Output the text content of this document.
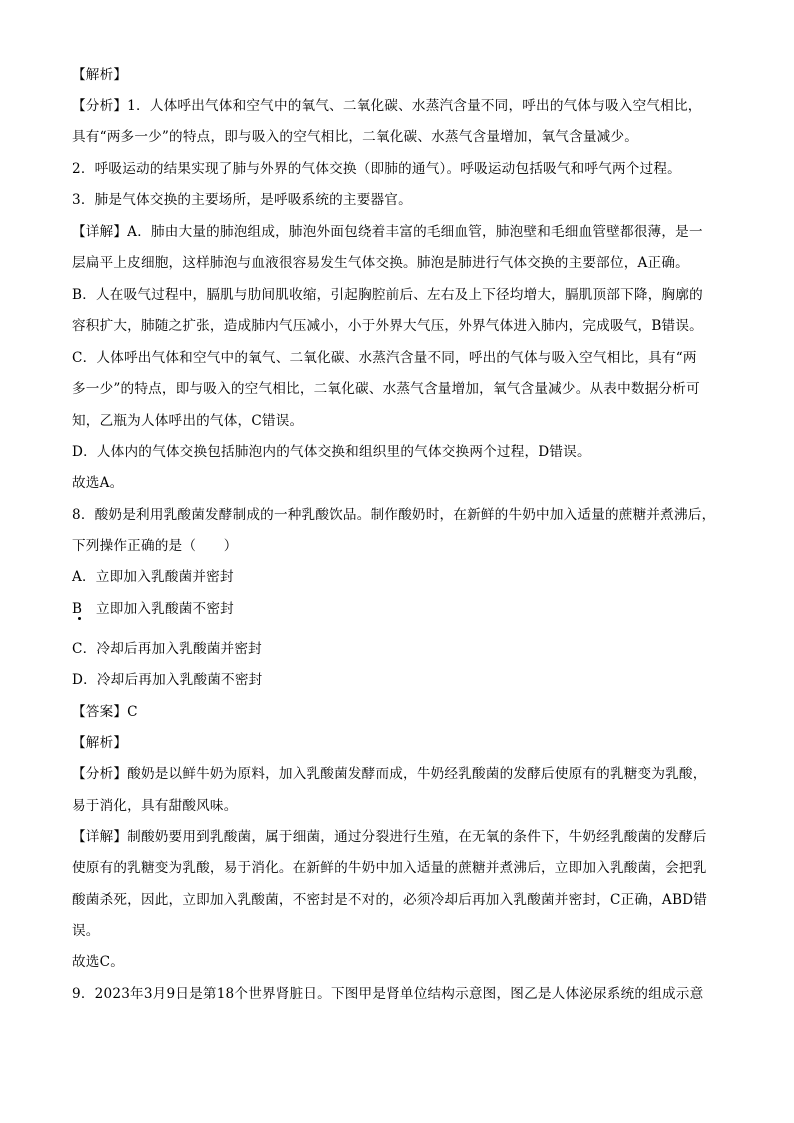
【解析】
【分析】1．人体呼出气体和空气中的氧气、二氧化碳、水蒸汽含量不同，呼出的气体与吸入空气相比，
具有“两多一少”的特点，即与吸入的空气相比，二氧化碳、水蒸气含量增加，氧气含量减少。
2．呼吸运动的结果实现了肺与外界的气体交换（即肺的通气）。呼吸运动包括吸气和呼气两个过程。
3．肺是气体交换的主要场所，是呼吸系统的主要器官。
【详解】A．肺由大量的肺泡组成，肺泡外面包绕着丰富的毛细血管，肺泡壁和毛细血管壁都很薄，是一
层扁平上皮细胞，这样肺泡与血液很容易发生气体交换。肺泡是肺进行气体交换的主要部位，A正确。
B．人在吸气过程中，膈肌与肋间肌收缩，引起胸腔前后、左右及上下径均增大，膈肌顶部下降，胸廓的
容积扩大，肺随之扩张，造成肺内气压减小，小于外界大气压，外界气体进入肺内，完成吸气，B错误。
C．人体呼出气体和空气中的氧气、二氧化碳、水蒸汽含量不同，呼出的气体与吸入空气相比，具有“两
多一少”的特点，即与吸入的空气相比，二氧化碳、水蒸气含量增加，氧气含量减少。从表中数据分析可
知，乙瓶为人体呼出的气体，C错误。
D．人体内的气体交换包括肺泡内的气体交换和组织里的气体交换两个过程，D错误。
故选A。
8．酸奶是利用乳酸菌发酵制成的一种乳酸饮品。制作酸奶时，在新鲜的牛奶中加入适量的蔗糖并煮沸后，
下列操作正确的是（　　）
A．立即加入乳酸菌并密封
B　立即加入乳酸菌不密封
C．冷却后再加入乳酸菌并密封
D．冷却后再加入乳酸菌不密封
【答案】C
【解析】
【分析】酸奶是以鲜牛奶为原料，加入乳酸菌发酵而成，牛奶经乳酸菌的发酵后使原有的乳糖变为乳酸，
易于消化，具有甜酸风味。
【详解】制酸奶要用到乳酸菌，属于细菌，通过分裂进行生殖，在无氧的条件下，牛奶经乳酸菌的发酵后
使原有的乳糖变为乳酸，易于消化。在新鲜的牛奶中加入适量的蔗糖并煮沸后，立即加入乳酸菌，会把乳
酸菌杀死，因此，立即加入乳酸菌，不密封是不对的，必须冷却后再加入乳酸菌并密封，C正确，ABD错
误。
故选C。
9．2023年3月9日是第18个世界肾脏日。下图甲是肾单位结构示意图，图乙是人体泌尿系统的组成示意
